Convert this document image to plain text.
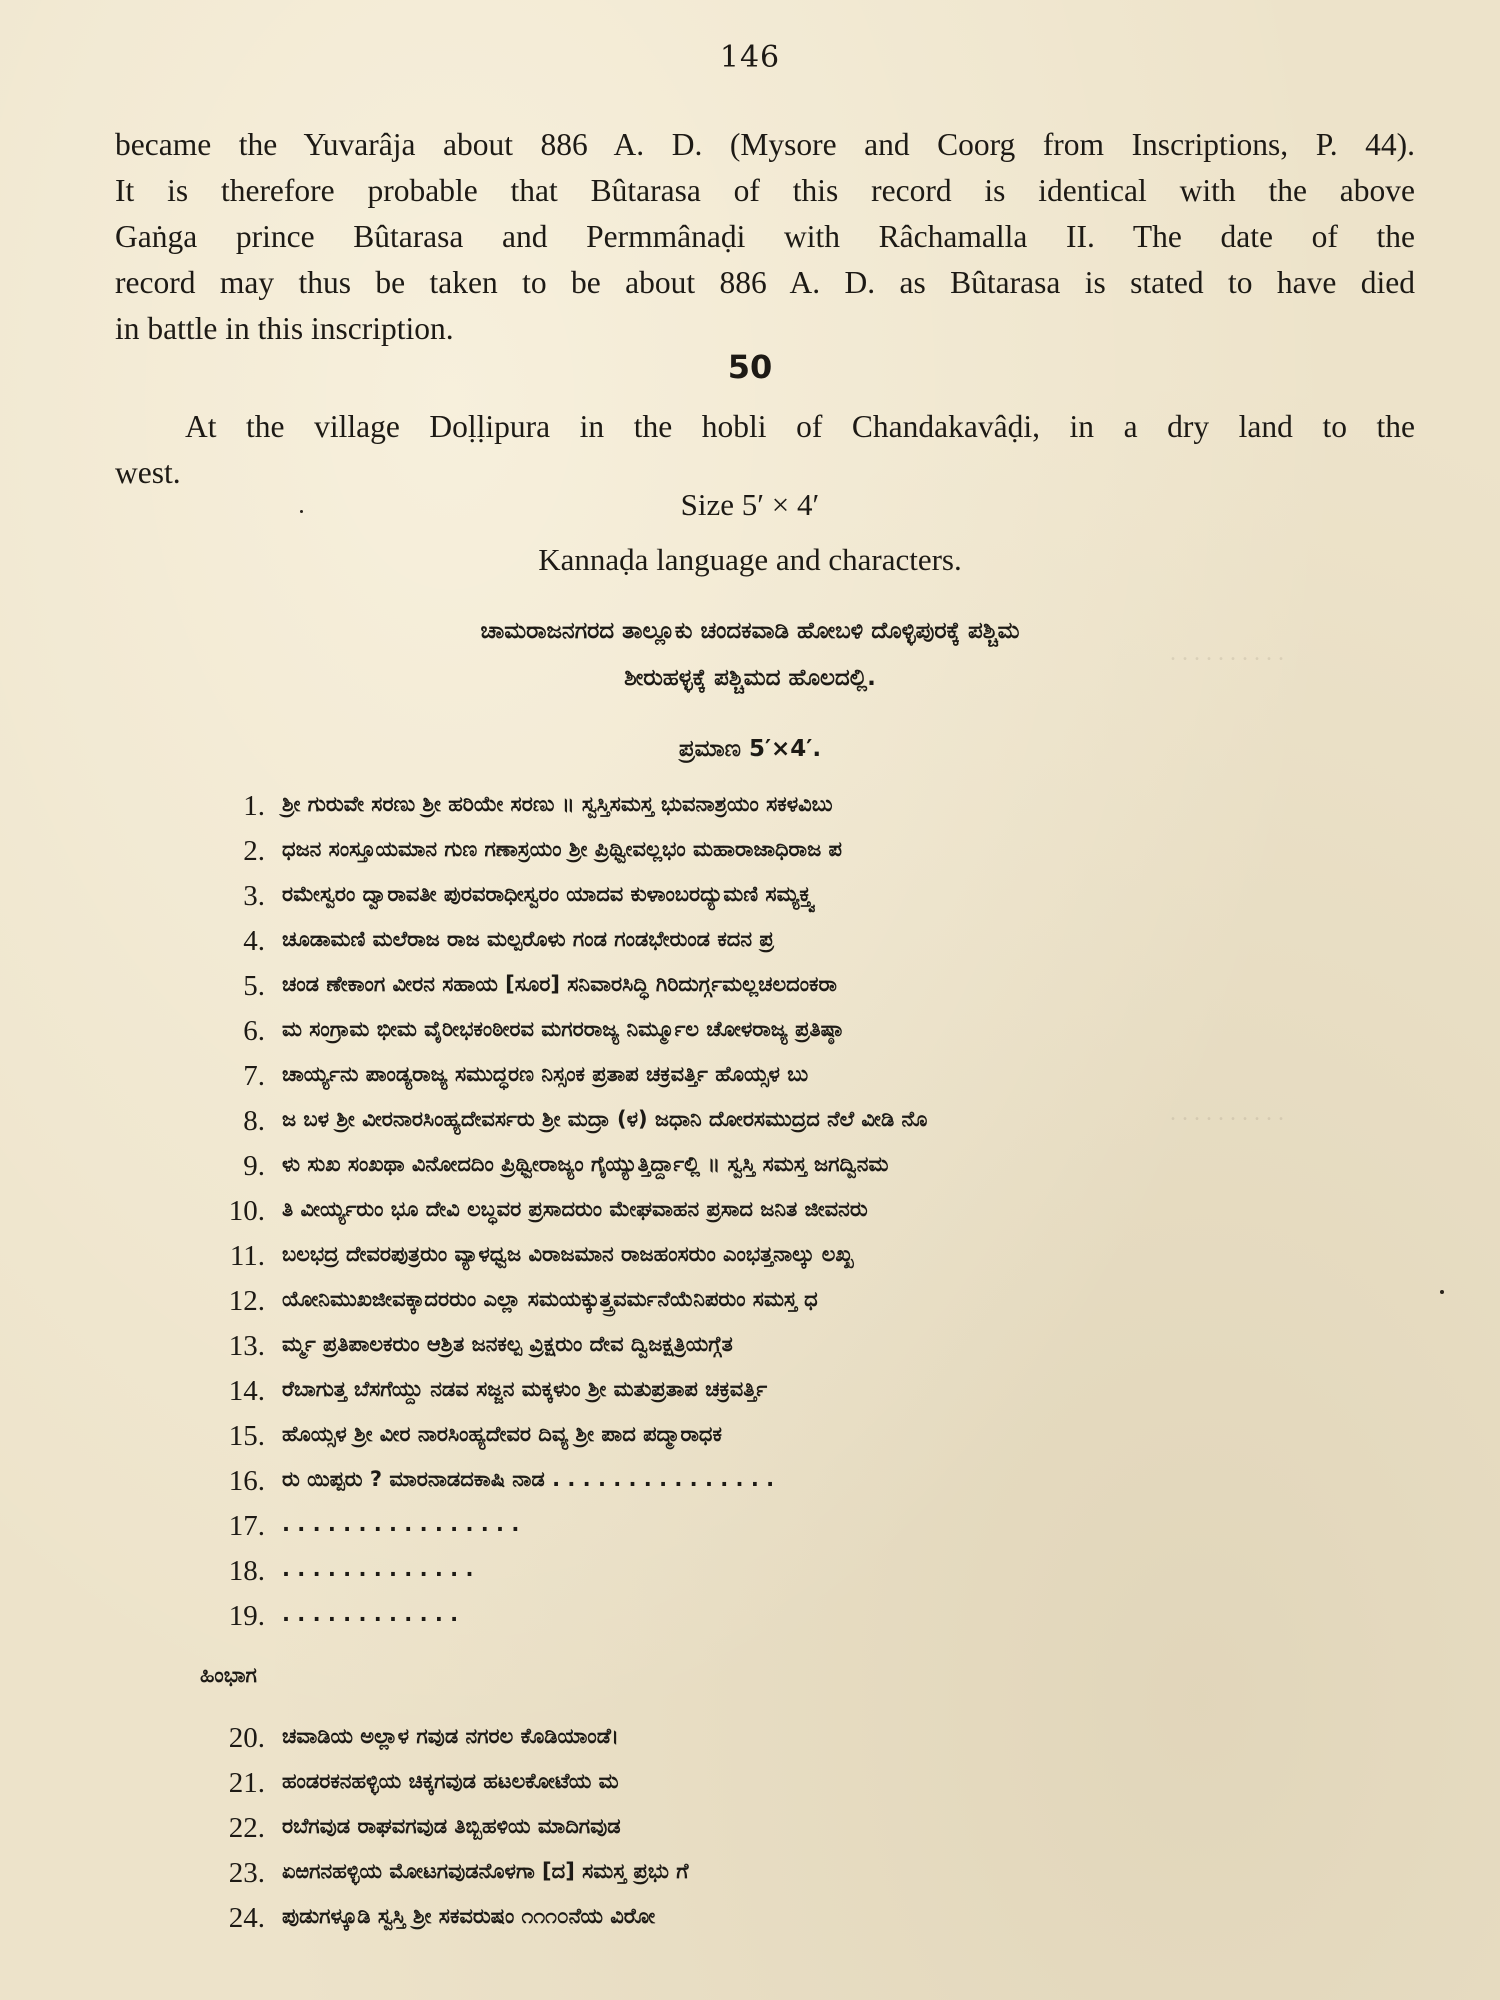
. . . . . . . . . .
. . . . . . . . . .
146
became the Yuvarâja about 886 A. D. (Mysore and Coorg from Inscriptions, P. 44).
It is therefore probable that Bûtarasa of this record is identical with the above
Gaṅga prince Bûtarasa and Permmânaḍi with Râchamalla II. The date of the
record may thus be taken to be about 886 A. D. as Bûtarasa is stated to have died
in battle in this inscription.
50
At the village Doḷḷipura in the hobli of Chandakavâḍi, in a dry land to the
west.
Size 5′ × 4′
Kannaḍa language and characters.
ಚಾಮರಾಜನಗರದ ತಾಲ್ಲೂಕು ಚಂದಕವಾಡಿ ಹೋಬಳಿ ದೊಳ್ಳಿಪುರಕ್ಕೆ ಪಶ್ಚಿಮ
ಶೀರುಹಳ್ಳಕ್ಕೆ ಪಶ್ಚಿಮದ ಹೊಲದಲ್ಲಿ.
ಪ್ರಮಾಣ 5′×4′.
1. ಶ್ರೀ ಗುರುವೇ ಸರಣು ಶ್ರೀ ಹರಿಯೇ ಸರಣು ॥ ಸ್ವಸ್ತಿಸಮಸ್ತ ಭುವನಾಶ್ರಯಂ ಸಕಳವಿಬು
2. ಧಜನ ಸಂಸ್ತೂಯಮಾನ ಗುಣ ಗಣಾಸ್ರಯಂ ಶ್ರೀ ಪ್ರಿಥ್ವೀವಲ್ಲಭಂ ಮಹಾರಾಜಾಧಿರಾಜ ಪ
3. ರಮೇಸ್ವರಂ ದ್ವಾರಾವತೀ ಪುರವರಾಧೀಸ್ವರಂ ಯಾದವ ಕುಳಾಂಬರದ್ಯುಮಣಿ ಸಮ್ಯಕ್ತ್ವ
4. ಚೂಡಾಮಣಿ ಮಲೆರಾಜ ರಾಜ ಮಲ್ಪರೊಳು ಗಂಡ ಗಂಡಭೇರುಂಡ ಕದನ ಪ್ರ
5. ಚಂಡ ಣೇಕಾಂಗ ವೀರನ ಸಹಾಯ [ಸೂರ] ಸನಿವಾರಸಿದ್ಧಿ ಗಿರಿದುರ್ಗ್ಗಮಲ್ಲಚಲದಂಕರಾ
6. ಮ ಸಂಗ್ರಾಮ ಭೀಮ ವೈರೀಭಕಂಠೀರವ ಮಗರರಾಜ್ಯ ನಿರ್ಮ್ಮೂಲ ಚೋಳರಾಜ್ಯ ಪ್ರತಿಷ್ಠಾ
7. ಚಾರ್ಯ್ಯನು ಪಾಂಡ್ಯರಾಜ್ಯ ಸಮುದ್ಧರಣ ನಿಸ್ಸಂಕ ಪ್ರತಾಪ ಚಕ್ರವರ್ತ್ತಿ ಹೊಯ್ಸಳ ಬು
8. ಜ ಬಳ ಶ್ರೀ ವೀರನಾರಸಿಂಹ್ಯದೇವರ್ಸರು ಶ್ರೀ ಮದ್ರಾ (ಳ) ಜಧಾನಿ ದೋರಸಮುದ್ರದ ನೆಲೆ ವೀಡಿ ನೊ
9. ಳು ಸುಖ ಸಂಖಥಾ ವಿನೋದದಿಂ ಪ್ರಿಥ್ವೀರಾಜ್ಯಂ ಗೈಯ್ಯುತ್ತಿರ್ದ್ದಾಲ್ಲಿ ॥ ಸ್ವಸ್ತಿ ಸಮಸ್ತ ಜಗದ್ವಿನಮ
10. ತಿ ವೀರ್ಯ್ಯರುಂ ಭೂ ದೇವಿ ಲಬ್ಧವರ ಪ್ರಸಾದರುಂ ಮೇಘವಾಹನ ಪ್ರಸಾದ ಜನಿತ ಜೀವನರು
11. ಬಲಭದ್ರ ದೇವರಪುತ್ರರುಂ ವ್ಯಾಳಧ್ವಜ ವಿರಾಜಮಾನ ರಾಜಹಂಸರುಂ ಎಂಭತ್ತನಾಲ್ಕು ಲಖ್ಖ
12. ಯೋನಿಮುಖಜೀವಕ್ಕಾದರರುಂ ಎಲ್ಲಾ ಸಮಯಕ್ಕುತ್ತ್ರವರ್ಮನೆಯೆನಿಪರುಂ ಸಮಸ್ತ ಧ
13. ರ್ಮ್ಮ ಪ್ರತಿಪಾಲಕರುಂ ಆಶ್ರಿತ ಜನಕಲ್ಪ ವ್ರಿಕ್ಷರುಂ ದೇವ ದ್ವಿಜಕ್ಷತ್ರಿಯಗ್ಗೆತ
14. ರೆಬಾಗುತ್ತ ಬೆಸಗೆಯ್ದು ನಡವ ಸಜ್ಜನ ಮಕ್ಕಳುಂ ಶ್ರೀ ಮತುಪ್ರತಾಪ ಚಕ್ರವರ್ತ್ತಿ
15. ಹೊಯ್ಸಳ ಶ್ರೀ ವೀರ ನಾರಸಿಂಹ್ಯದೇವರ ದಿವ್ಯ ಶ್ರೀ ಪಾದ ಪದ್ಮಾರಾಧಕ
16. ರು ಯಿಪ್ಪರು ? ಮಾರನಾಡದಕಾಷಿ ನಾಡ . . . . . . . . . . . . . . .
17. . . . . . . . . . . . . . . . .
18. . . . . . . . . . . . . .
19. . . . . . . . . . . . .
ಹಿಂಭಾಗ
20. ಚವಾಡಿಯ ಅಲ್ಲಾಳ ಗವುಡ ನಗರಲ ಕೊಡಿಯಾಂಡೆ।
21. ಹಂಡರಕನಹಳ್ಳಿಯ ಚಿಕ್ಕಗವುಡ ಹಟಲಕೋಟೆಯ ಮ
22. ರಬೆಗವುಡ ರಾಘವಗವುಡ ತಿಬ್ಬಿಹಳಿಯ ಮಾದಿಗವುಡ
23. ಏಱಗನಹಳ್ಳಿಯ ಮೋಟಗವುಡನೊಳಗಾ [ದ] ಸಮಸ್ತ ಪ್ರಭು ಗೆ
24. ಪುಡುಗಳ್ಕೂಡಿ ಸ್ವಸ್ತಿ ಶ್ರೀ ಸಕವರುಷಂ ೧೧೧೦ನೆಯ ವಿರೋ
